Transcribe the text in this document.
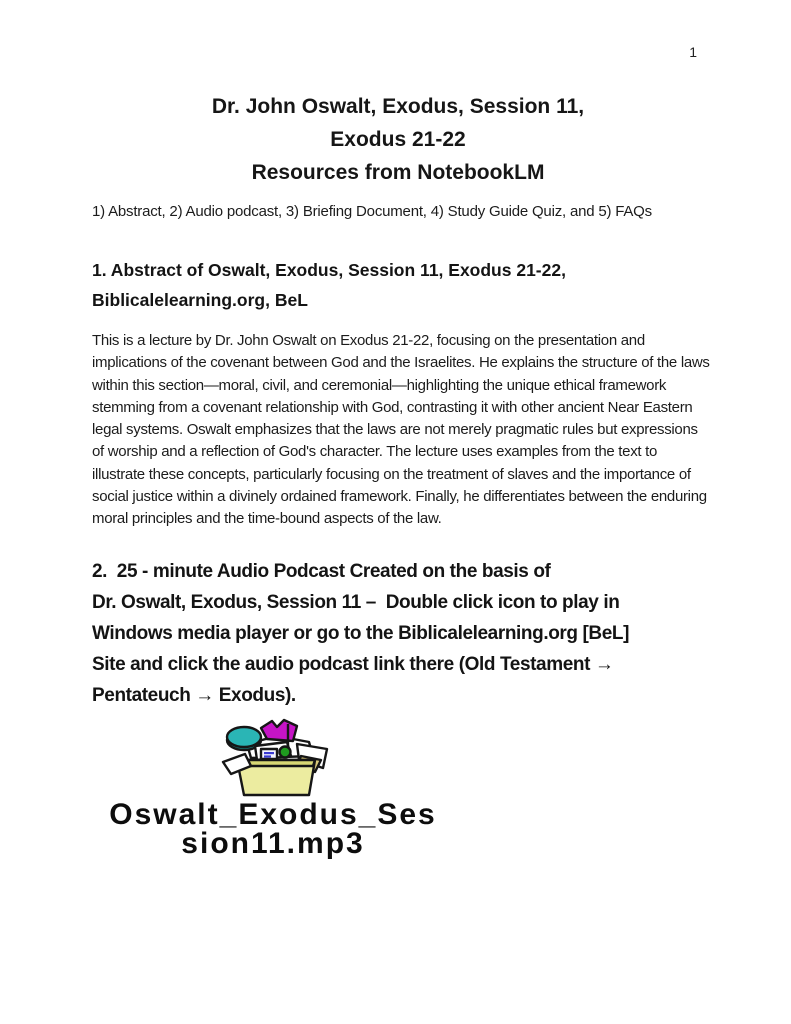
1
Dr. John Oswalt, Exodus, Session 11,
Exodus 21-22
Resources from NotebookLM
1) Abstract, 2) Audio podcast, 3) Briefing Document, 4) Study Guide Quiz, and 5) FAQs
1. Abstract of Oswalt, Exodus, Session 11, Exodus 21-22,
Biblicalelearning.org, BeL

This is a lecture by Dr. John Oswalt on Exodus 21-22, focusing on the presentation and implications of the covenant between God and the Israelites. He explains the structure of the laws within this section—moral, civil, and ceremonial—highlighting the unique ethical framework stemming from a covenant relationship with God, contrasting it with other ancient Near Eastern legal systems. Oswalt emphasizes that the laws are not merely pragmatic rules but expressions of worship and a reflection of God's character. The lecture uses examples from the text to illustrate these concepts, particularly focusing on the treatment of slaves and the importance of social justice within a divinely ordained framework. Finally, he differentiates between the enduring moral principles and the time-bound aspects of the law.

2.  25 - minute Audio Podcast Created on the basis of
Dr. Oswalt, Exodus, Session 11 –  Double click icon to play in
Windows media player or go to the Biblicalelearning.org [BeL]
Site and click the audio podcast link there (Old Testament →
Pentateuch → Exodus).
Oswalt_Exodus_Ses
sion11.mp3
